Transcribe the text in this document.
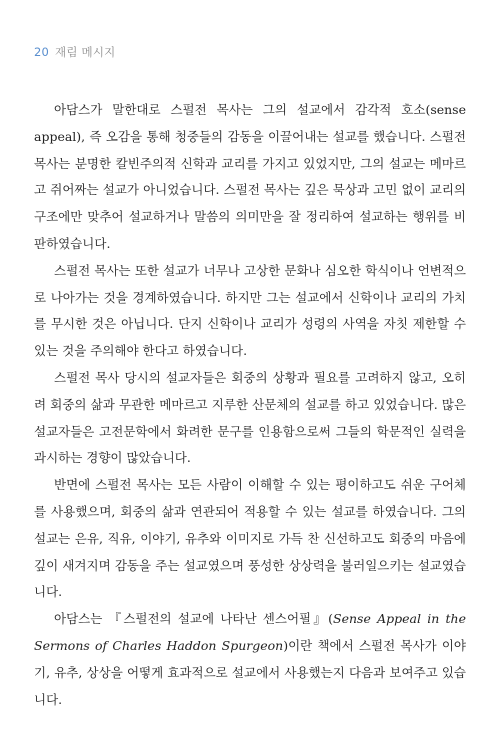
20 재림 메시지

아담스가 말한대로 스펄전 목사는 그의 설교에서 감각적 호소(sense appeal), 즉 오감을 통해 청중들의 감동을 이끌어내는 설교를 했습니다. 스펄전 목사는 분명한 칼빈주의적 신학과 교리를 가지고 있었지만, 그의 설교는 메마르고 쥐어짜는 설교가 아니었습니다. 스펄전 목사는 깊은 묵상과 고민 없이 교리의 구조에만 맞추어 설교하거나 말씀의 의미만을 잘 정리하여 설교하는 행위를 비판하였습니다.

스펄전 목사는 또한 설교가 너무나 고상한 문화나 심오한 학식이나 언변적으로 나아가는 것을 경계하였습니다. 하지만 그는 설교에서 신학이나 교리의 가치를 무시한 것은 아닙니다. 단지 신학이나 교리가 성령의 사역을 자칫 제한할 수 있는 것을 주의해야 한다고 하였습니다.

스펄전 목사 당시의 설교자들은 회중의 상황과 필요를 고려하지 않고, 오히려 회중의 삶과 무관한 메마르고 지루한 산문체의 설교를 하고 있었습니다. 많은 설교자들은 고전문학에서 화려한 문구를 인용함으로써 그들의 학문적인 실력을 과시하는 경향이 많았습니다.

반면에 스펄전 목사는 모든 사람이 이해할 수 있는 평이하고도 쉬운 구어체를 사용했으며, 회중의 삶과 연관되어 적용할 수 있는 설교를 하였습니다. 그의 설교는 은유, 직유, 이야기, 유추와 이미지로 가득 찬 신선하고도 회중의 마음에 깊이 새겨지며 감동을 주는 설교였으며 풍성한 상상력을 불러일으키는 설교였습니다.

아담스는 『스펄전의 설교에 나타난 센스어필』(Sense Appeal in the Sermons of Charles Haddon Spurgeon)이란 책에서 스펄전 목사가 이야기, 유추, 상상을 어떻게 효과적으로 설교에서 사용했는지 다음과 보여주고 있습니다.
